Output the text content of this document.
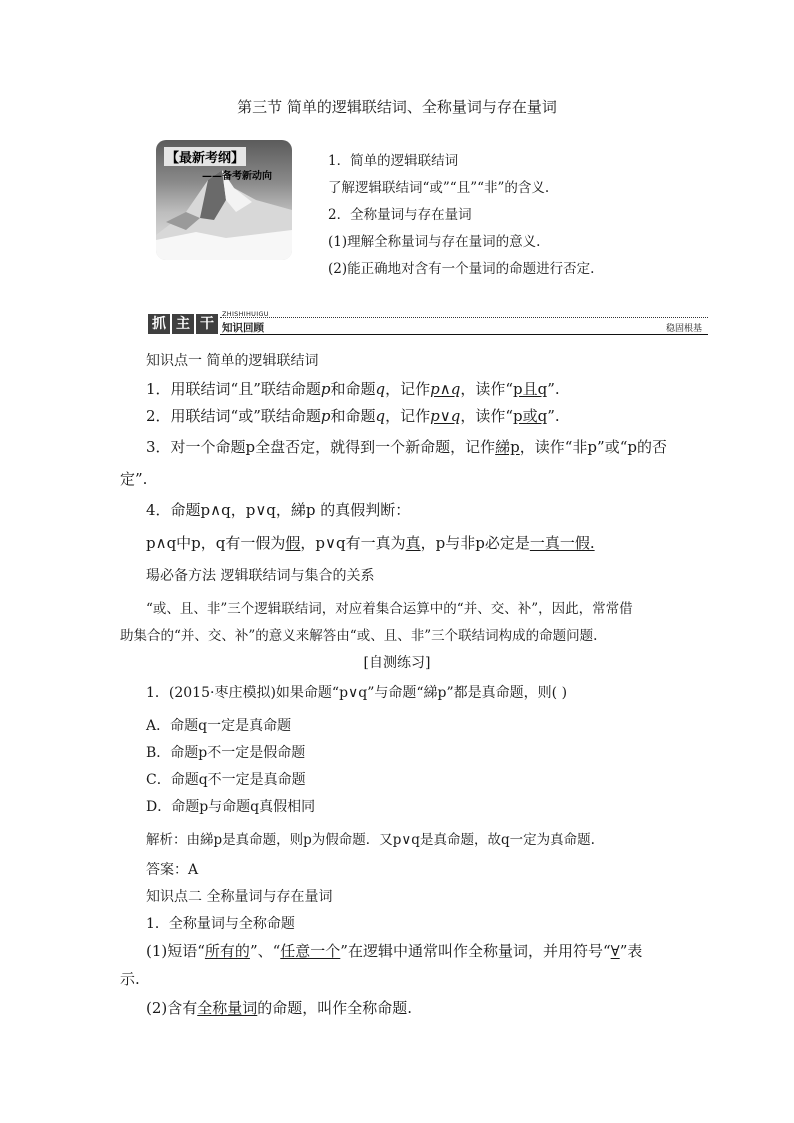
第三节 简单的逻辑联结词、全称量词与存在量词
【最新考纲】
——备考新动向
1．简单的逻辑联结词
了解逻辑联结词“或”“且”“非”的含义.
2．全称量词与存在量词
(1)理解全称量词与存在量词的意义.
(2)能正确地对含有一个量词的命题进行否定.
抓 主 干
ZHISHIHUIGU
知识回顾	稳固根基
知识点一 简单的逻辑联结词
1．用联结词“且”联结命题p和命题q，记作p∧q，读作“p且q”.
2．用联结词“或”联结命题p和命题q，记作p∨q，读作“p或q”.
3．对一个命题p全盘否定，就得到一个新命题，记作綈p，读作“非p”或“p的否
定”.
4．命题p∧q，p∨q，綈p 的真假判断：
p∧q中p，q有一假为假，p∨q有一真为真，p与非p必定是一真一假.
瑒必备方法 逻辑联结词与集合的关系
“或、且、非”三个逻辑联结词，对应着集合运算中的“并、交、补”，因此，常常借
助集合的“并、交、补”的意义来解答由“或、且、非”三个联结词构成的命题问题.
[自测练习]
1．(2015·枣庄模拟)如果命题“p∨q”与命题“綈p”都是真命题，则( )
A．命题q一定是真命题
B．命题p不一定是假命题
C．命题q不一定是真命题
D．命题p与命题q真假相同
解析：由綈p是真命题，则p为假命题．又p∨q是真命题，故q一定为真命题.
答案：A
知识点二 全称量词与存在量词
1．全称量词与全称命题
(1)短语“所有的”、“任意一个”在逻辑中通常叫作全称量词，并用符号“∀”表
示.
(2)含有全称量词的命题，叫作全称命题.
